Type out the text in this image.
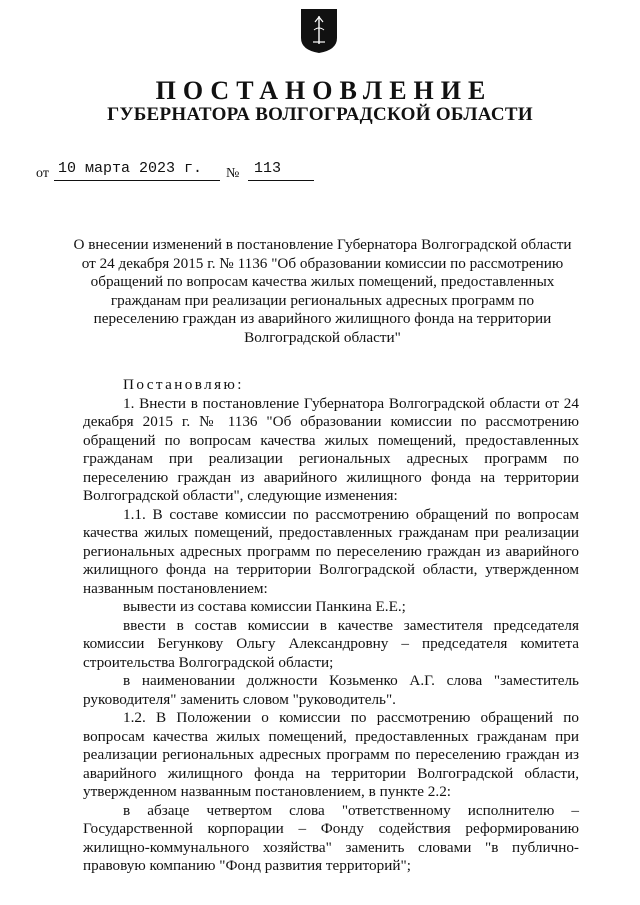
ПОСТАНОВЛЕНИЕ
ГУБЕРНАТОРА ВОЛГОГРАДСКОЙ ОБЛАСТИ
от 10 марта 2023 г.	№ 113

О внесении изменений в постановление Губернатора Волгоградской области от 24 декабря 2015 г. № 1136 "Об образовании комиссии по рассмотрению обращений по вопросам качества жилых помещений, предоставленных гражданам при реализации региональных адресных программ по переселению граждан из аварийного жилищного фонда на территории Волгоградской области"

Постановляю:

1. Внести в постановление Губернатора Волгоградской области от 24 декабря 2015 г. № 1136 "Об образовании комиссии по рассмотрению обращений по вопросам качества жилых помещений, предоставленных гражданам при реализации региональных адресных программ по переселению граждан из аварийного жилищного фонда на территории Волгоградской области", следующие изменения:

1.1. В составе комиссии по рассмотрению обращений по вопросам качества жилых помещений, предоставленных гражданам при реализации региональных адресных программ по переселению граждан из аварийного жилищного фонда на территории Волгоградской области, утвержденном названным постановлением:

вывести из состава комиссии Панкина Е.Е.;

ввести в состав комиссии в качестве заместителя председателя комиссии Бегункову Ольгу Александровну – председателя комитета строительства Волгоградской области;

в наименовании должности Козьменко А.Г. слова "заместитель руководителя" заменить словом "руководитель".

1.2. В Положении о комиссии по рассмотрению обращений по вопросам качества жилых помещений, предоставленных гражданам при реализации региональных адресных программ по переселению граждан из аварийного жилищного фонда на территории Волгоградской области, утвержденном названным постановлением, в пункте 2.2:

в абзаце четвертом слова "ответственному исполнителю – Государственной корпорации – Фонду содействия реформированию жилищно-коммунального хозяйства" заменить словами "в публично-правовую компанию "Фонд развития территорий";
